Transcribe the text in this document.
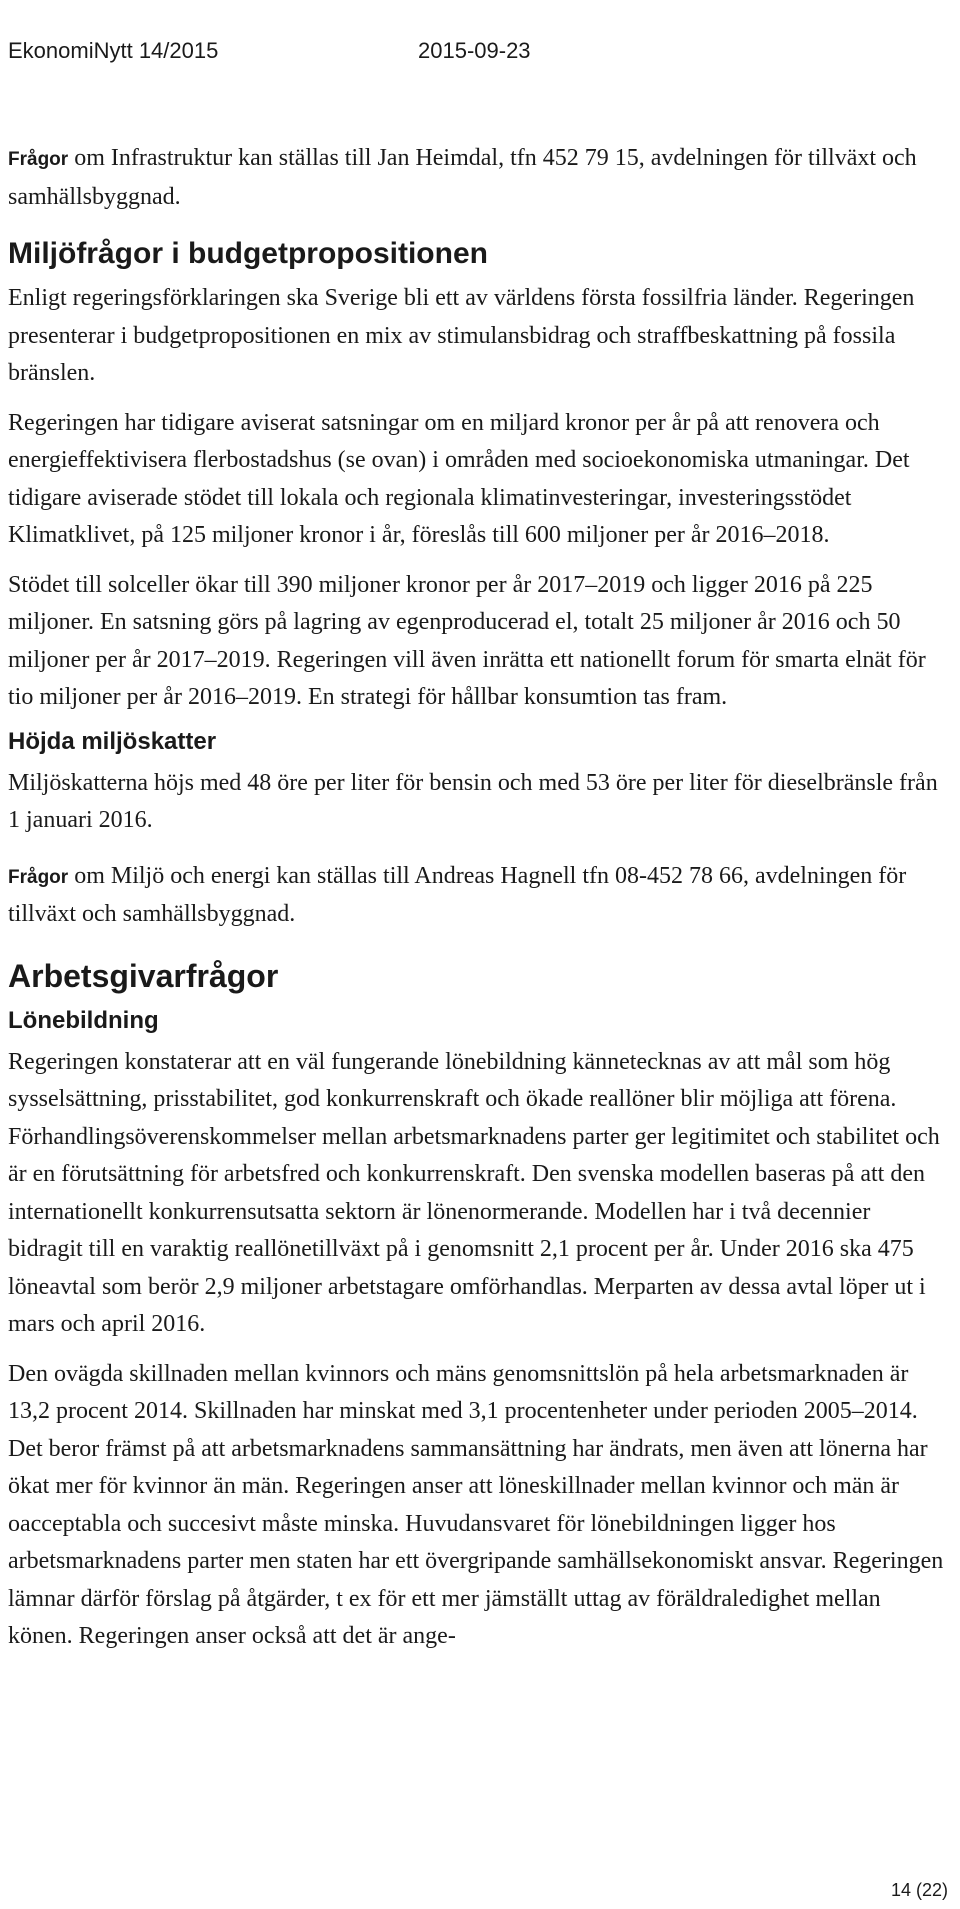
EkonomiNytt 14/2015	2015-09-23

Frågor om Infrastruktur kan ställas till Jan Heimdal, tfn 452 79 15, avdelningen för tillväxt och samhällsbyggnad.

Miljöfrågor i budgetpropositionen

Enligt regeringsförklaringen ska Sverige bli ett av världens första fossilfria länder. Regeringen presenterar i budgetpropositionen en mix av stimulansbidrag och straffbeskattning på fossila bränslen.

Regeringen har tidigare aviserat satsningar om en miljard kronor per år på att renovera och energieffektivisera flerbostadshus (se ovan) i områden med socioekonomiska utmaningar. Det tidigare aviserade stödet till lokala och regionala klimatinvesteringar, investeringsstödet Klimatklivet, på 125 miljoner kronor i år, föreslås till 600 miljoner per år 2016–2018.

Stödet till solceller ökar till 390 miljoner kronor per år 2017–2019 och ligger 2016 på 225 miljoner. En satsning görs på lagring av egenproducerad el, totalt 25 miljoner år 2016 och 50 miljoner per år 2017–2019. Regeringen vill även inrätta ett nationellt forum för smarta elnät för tio miljoner per år 2016–2019. En strategi för hållbar konsumtion tas fram.

Höjda miljöskatter

Miljöskatterna höjs med 48 öre per liter för bensin och med 53 öre per liter för dieselbränsle från 1 januari 2016.

Frågor om Miljö och energi kan ställas till Andreas Hagnell tfn 08-452 78 66, avdelningen för tillväxt och samhällsbyggnad.

Arbetsgivarfrågor
Lönebildning

Regeringen konstaterar att en väl fungerande lönebildning kännetecknas av att mål som hög sysselsättning, prisstabilitet, god konkurrenskraft och ökade reallöner blir möjliga att förena. Förhandlingsöverenskommelser mellan arbetsmarknadens parter ger legitimitet och stabilitet och är en förutsättning för arbetsfred och konkurrenskraft. Den svenska modellen baseras på att den internationellt konkurrensutsatta sektorn är lönenormerande. Modellen har i två decennier bidragit till en varaktig reallönetillväxt på i genomsnitt 2,1 procent per år. Under 2016 ska 475 löneavtal som berör 2,9 miljoner arbetstagare omförhandlas. Merparten av dessa avtal löper ut i mars och april 2016.

Den ovägda skillnaden mellan kvinnors och mäns genomsnittslön på hela arbetsmarknaden är 13,2 procent 2014. Skillnaden har minskat med 3,1 procentenheter under perioden 2005–2014. Det beror främst på att arbetsmarknadens sammansättning har ändrats, men även att lönerna har ökat mer för kvinnor än män. Regeringen anser att löneskillnader mellan kvinnor och män är oacceptabla och succesivt måste minska. Huvudansvaret för lönebildningen ligger hos arbetsmarknadens parter men staten har ett övergripande samhällsekonomiskt ansvar. Regeringen lämnar därför förslag på åtgärder, t ex för ett mer jämställt uttag av föräldraledighet mellan könen. Regeringen anser också att det är ange-

14 (22)
